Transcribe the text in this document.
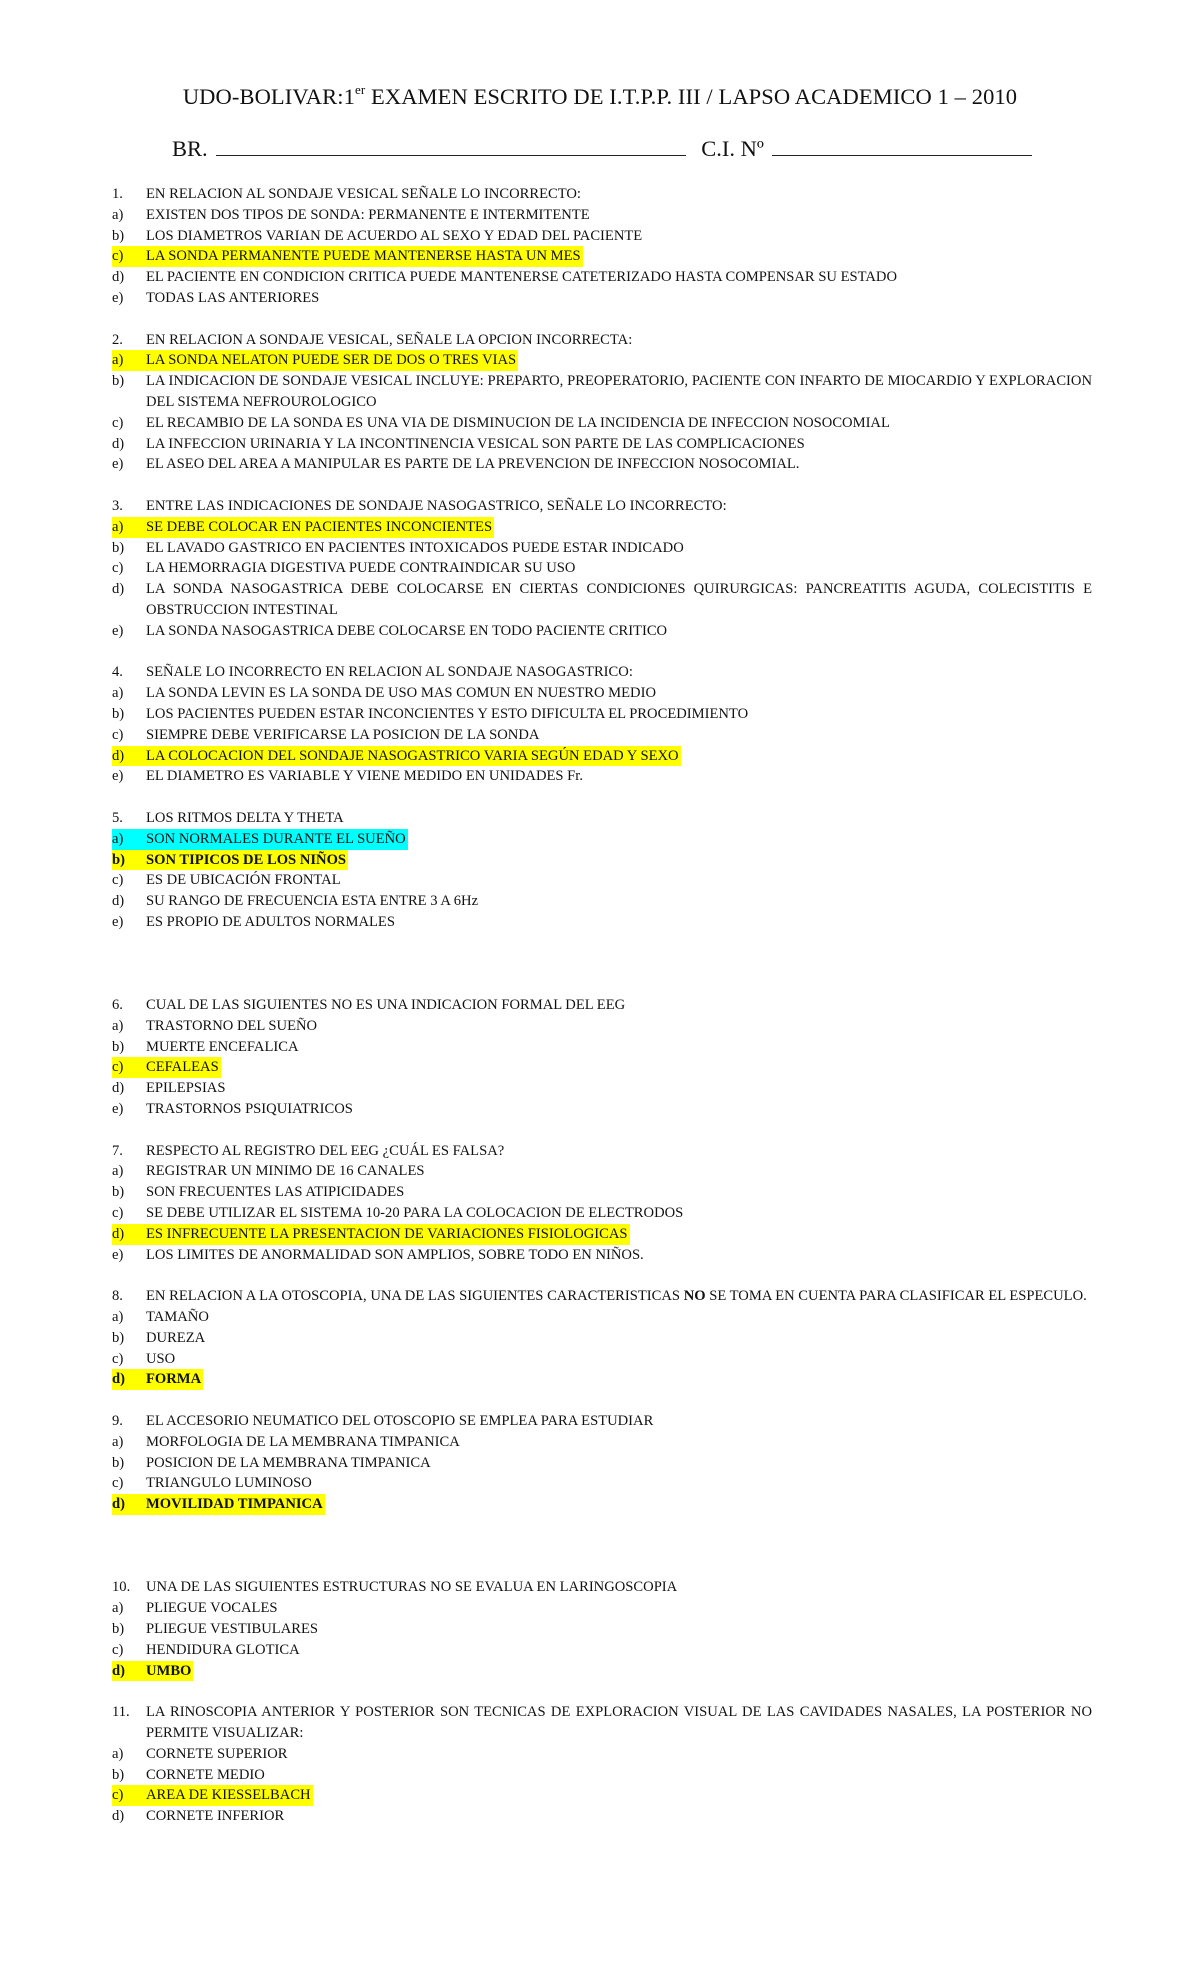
UDO-BOLIVAR:1er EXAMEN ESCRITO DE I.T.P.P. III / LAPSO ACADEMICO 1 – 2010
BR.	C.I. Nº
1.	EN RELACION AL SONDAJE VESICAL SEÑALE LO INCORRECTO:
a)	EXISTEN DOS TIPOS DE SONDA: PERMANENTE E INTERMITENTE
b)	LOS DIAMETROS VARIAN DE ACUERDO AL SEXO Y EDAD DEL PACIENTE
c) LA SONDA PERMANENTE PUEDE MANTENERSE HASTA UN MES
d)	EL PACIENTE EN CONDICION CRITICA PUEDE MANTENERSE CATETERIZADO HASTA COMPENSAR SU ESTADO
e)	TODAS LAS ANTERIORES
2.	EN RELACION A SONDAJE VESICAL, SEÑALE LA OPCION INCORRECTA:
a) LA SONDA NELATON PUEDE SER DE DOS O TRES VIAS
b)	LA INDICACION DE SONDAJE VESICAL INCLUYE: PREPARTO, PREOPERATORIO, PACIENTE CON INFARTO DE MIOCARDIO Y EXPLORACION DEL SISTEMA NEFROUROLOGICO
c)	EL RECAMBIO DE LA SONDA ES UNA VIA DE DISMINUCION DE LA INCIDENCIA DE INFECCION NOSOCOMIAL
d)	LA INFECCION URINARIA Y LA INCONTINENCIA VESICAL SON PARTE DE LAS COMPLICACIONES
e)	EL ASEO DEL AREA A MANIPULAR ES PARTE DE LA PREVENCION DE INFECCION NOSOCOMIAL.
3.	ENTRE LAS INDICACIONES DE SONDAJE NASOGASTRICO, SEÑALE LO INCORRECTO:
a) SE DEBE COLOCAR EN PACIENTES INCONCIENTES
b)	EL LAVADO GASTRICO EN PACIENTES INTOXICADOS PUEDE ESTAR INDICADO
c)	LA HEMORRAGIA DIGESTIVA PUEDE CONTRAINDICAR SU USO
d)	LA SONDA NASOGASTRICA DEBE COLOCARSE EN CIERTAS CONDICIONES QUIRURGICAS: PANCREATITIS AGUDA, COLECISTITIS E OBSTRUCCION INTESTINAL
e)	LA SONDA NASOGASTRICA DEBE COLOCARSE EN TODO PACIENTE CRITICO
4.	SEÑALE LO INCORRECTO EN RELACION AL SONDAJE NASOGASTRICO:
a)	LA SONDA LEVIN ES LA SONDA DE USO MAS COMUN EN NUESTRO MEDIO
b)	LOS PACIENTES PUEDEN ESTAR INCONCIENTES Y ESTO DIFICULTA EL PROCEDIMIENTO
c)	SIEMPRE DEBE VERIFICARSE LA POSICION DE LA SONDA
d) LA COLOCACION DEL SONDAJE NASOGASTRICO VARIA SEGÚN EDAD Y SEXO
e)	EL DIAMETRO ES VARIABLE Y VIENE MEDIDO EN UNIDADES Fr.
5.	LOS RITMOS DELTA Y THETA
a) SON NORMALES DURANTE EL SUEÑO
b) SON TIPICOS DE LOS NIÑOS
c)	ES DE UBICACIÓN FRONTAL
d)	SU RANGO DE FRECUENCIA ESTA ENTRE 3 A 6Hz
e)	ES PROPIO DE ADULTOS NORMALES
6.	CUAL DE LAS SIGUIENTES NO ES UNA INDICACION FORMAL DEL EEG
a)	TRASTORNO DEL SUEÑO
b)	MUERTE ENCEFALICA
c) CEFALEAS
d)	EPILEPSIAS
e)	TRASTORNOS PSIQUIATRICOS
7.	RESPECTO AL REGISTRO DEL EEG ¿CUÁL ES FALSA?
a)	REGISTRAR UN MINIMO DE 16 CANALES
b)	SON FRECUENTES LAS ATIPICIDADES
c)	SE DEBE UTILIZAR EL SISTEMA 10-20 PARA LA COLOCACION DE ELECTRODOS
d) ES INFRECUENTE LA PRESENTACION DE VARIACIONES FISIOLOGICAS
e)	LOS LIMITES DE ANORMALIDAD SON AMPLIOS, SOBRE TODO EN NIÑOS.
8.	EN RELACION A LA OTOSCOPIA, UNA DE LAS SIGUIENTES CARACTERISTICAS NO SE TOMA EN CUENTA PARA CLASIFICAR EL ESPECULO.
a)	TAMAÑO
b)	DUREZA
c)	USO
d) FORMA
9.	EL ACCESORIO NEUMATICO DEL OTOSCOPIO SE EMPLEA PARA ESTUDIAR
a)	MORFOLOGIA DE LA MEMBRANA TIMPANICA
b)	POSICION DE LA MEMBRANA TIMPANICA
c)	TRIANGULO LUMINOSO
d) MOVILIDAD TIMPANICA
10.	UNA DE LAS SIGUIENTES ESTRUCTURAS NO SE EVALUA EN LARINGOSCOPIA
a)	PLIEGUE VOCALES
b)	PLIEGUE VESTIBULARES
c)	HENDIDURA GLOTICA
d) UMBO
11.	LA RINOSCOPIA ANTERIOR Y POSTERIOR SON TECNICAS DE EXPLORACION VISUAL DE LAS CAVIDADES NASALES, LA POSTERIOR NO PERMITE VISUALIZAR:
a)	CORNETE SUPERIOR
b)	CORNETE MEDIO
c) AREA DE KIESSELBACH
d)	CORNETE INFERIOR
